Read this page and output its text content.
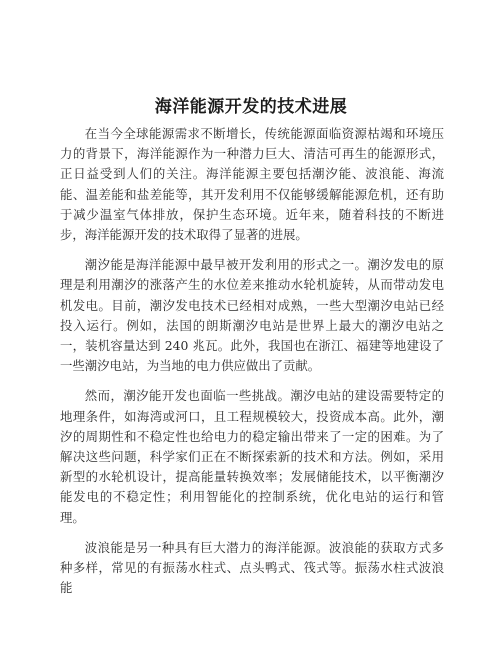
海洋能源开发的技术进展

在当今全球能源需求不断增长，传统能源面临资源枯竭和环境压力的背景下，海洋能源作为一种潜力巨大、清洁可再生的能源形式，正日益受到人们的关注。海洋能源主要包括潮汐能、波浪能、海流能、温差能和盐差能等，其开发利用不仅能够缓解能源危机，还有助于减少温室气体排放，保护生态环境。近年来，随着科技的不断进步，海洋能源开发的技术取得了显著的进展。

潮汐能是海洋能源中最早被开发利用的形式之一。潮汐发电的原理是利用潮汐的涨落产生的水位差来推动水轮机旋转，从而带动发电机发电。目前，潮汐发电技术已经相对成熟，一些大型潮汐电站已经投入运行。例如，法国的朗斯潮汐电站是世界上最大的潮汐电站之一，装机容量达到 240 兆瓦。此外，我国也在浙江、福建等地建设了一些潮汐电站，为当地的电力供应做出了贡献。

然而，潮汐能开发也面临一些挑战。潮汐电站的建设需要特定的地理条件，如海湾或河口，且工程规模较大，投资成本高。此外，潮汐的周期性和不稳定性也给电力的稳定输出带来了一定的困难。为了解决这些问题，科学家们正在不断探索新的技术和方法。例如，采用新型的水轮机设计，提高能量转换效率；发展储能技术，以平衡潮汐能发电的不稳定性；利用智能化的控制系统，优化电站的运行和管理。

波浪能是另一种具有巨大潜力的海洋能源。波浪能的获取方式多种多样，常见的有振荡水柱式、点头鸭式、筏式等。振荡水柱式波浪能
